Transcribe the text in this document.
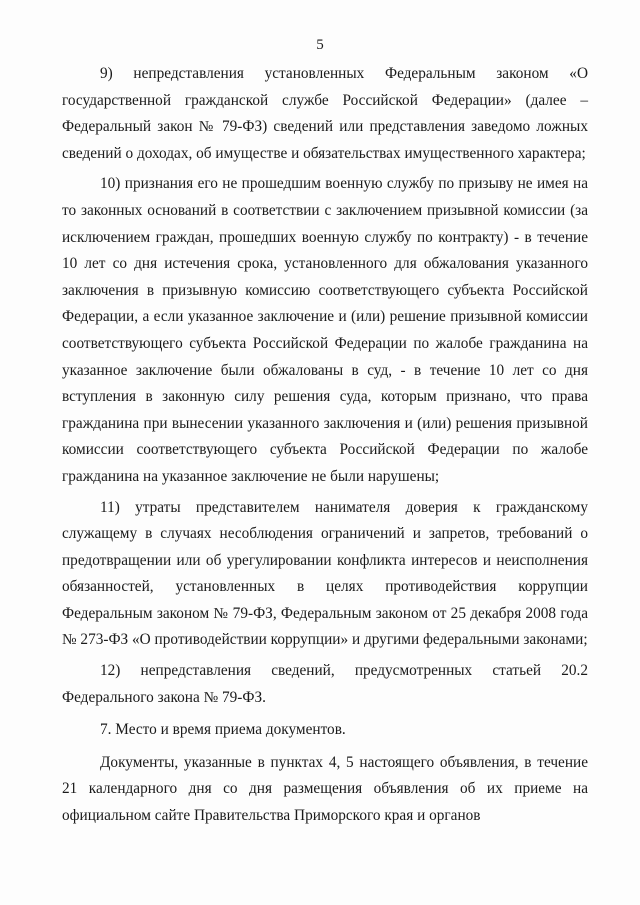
5

9) непредставления установленных Федеральным законом «О государственной гражданской службе Российской Федерации» (далее – Федеральный закон № 79-ФЗ) сведений или представления заведомо ложных сведений о доходах, об имуществе и обязательствах имущественного характера;

10) признания его не прошедшим военную службу по призыву не имея на то законных оснований в соответствии с заключением призывной комиссии (за исключением граждан, прошедших военную службу по контракту) - в течение 10 лет со дня истечения срока, установленного для обжалования указанного заключения в призывную комиссию соответствующего субъекта Российской Федерации, а если указанное заключение и (или) решение призывной комиссии соответствующего субъекта Российской Федерации по жалобе гражданина на указанное заключение были обжалованы в суд, - в течение 10 лет со дня вступления в законную силу решения суда, которым признано, что права гражданина при вынесении указанного заключения и (или) решения призывной комиссии соответствующего субъекта Российской Федерации по жалобе гражданина на указанное заключение не были нарушены;

11) утраты представителем нанимателя доверия к гражданскому служащему в случаях несоблюдения ограничений и запретов, требований о предотвращении или об урегулировании конфликта интересов и неисполнения обязанностей, установленных в целях противодействия коррупции Федеральным законом № 79-ФЗ, Федеральным законом от 25 декабря 2008 года № 273-ФЗ «О противодействии коррупции» и другими федеральными законами;

12) непредставления сведений, предусмотренных статьей 20.2 Федерального закона № 79-ФЗ.

7. Место и время приема документов.

Документы, указанные в пунктах 4, 5 настоящего объявления, в течение 21 календарного дня со дня размещения объявления об их приеме на официальном сайте Правительства Приморского края и органов
